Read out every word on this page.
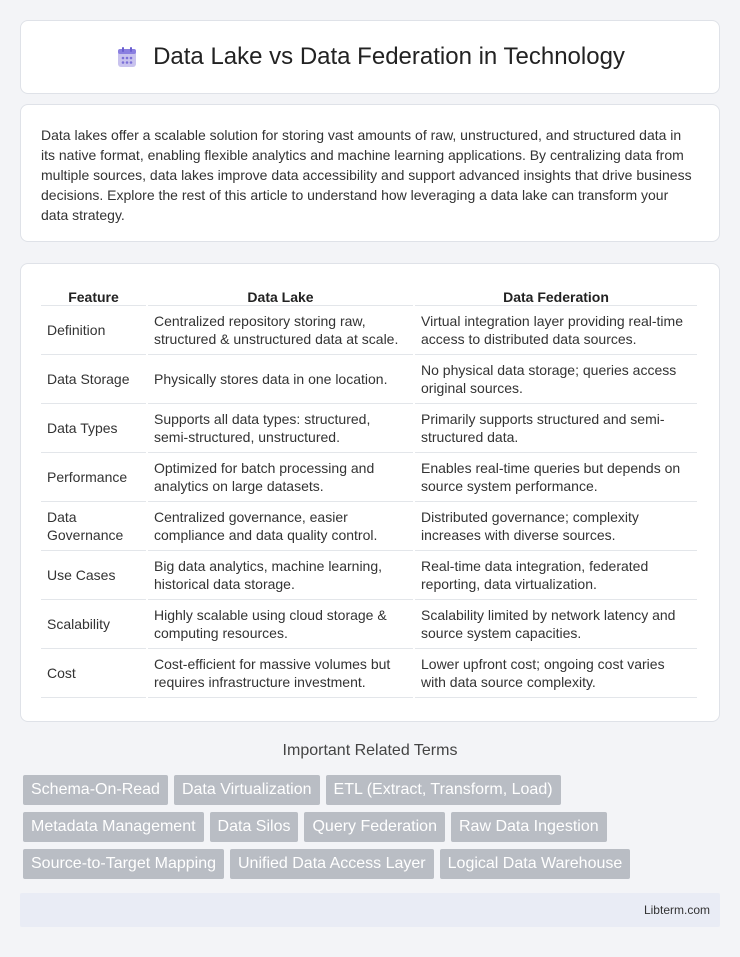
Data Lake vs Data Federation in Technology

Data lakes offer a scalable solution for storing vast amounts of raw, unstructured, and structured data in its native format, enabling flexible analytics and machine learning applications. By centralizing data from multiple sources, data lakes improve data accessibility and support advanced insights that drive business decisions. Explore the rest of this article to understand how leveraging a data lake can transform your data strategy.

Feature	Data Lake	Data Federation
Definition	Centralized repository storing raw, structured & unstructured data at scale.	Virtual integration layer providing real-time access to distributed data sources.
Data Storage	Physically stores data in one location.	No physical data storage; queries access original sources.
Data Types	Supports all data types: structured, semi-structured, unstructured.	Primarily supports structured and semi-structured data.
Performance	Optimized for batch processing and analytics on large datasets.	Enables real-time queries but depends on source system performance.
Data Governance	Centralized governance, easier compliance and data quality control.	Distributed governance; complexity increases with diverse sources.
Use Cases	Big data analytics, machine learning, historical data storage.	Real-time data integration, federated reporting, data virtualization.
Scalability	Highly scalable using cloud storage & computing resources.	Scalability limited by network latency and source system capacities.
Cost	Cost-efficient for massive volumes but requires infrastructure investment.	Lower upfront cost; ongoing cost varies with data source complexity.
Important Related Terms
Schema-On-Read	Data Virtualization	ETL (Extract, Transform, Load)
Metadata Management	Data Silos	Query Federation	Raw Data Ingestion
Source-to-Target Mapping	Unified Data Access Layer	Logical Data Warehouse
Libterm.com
